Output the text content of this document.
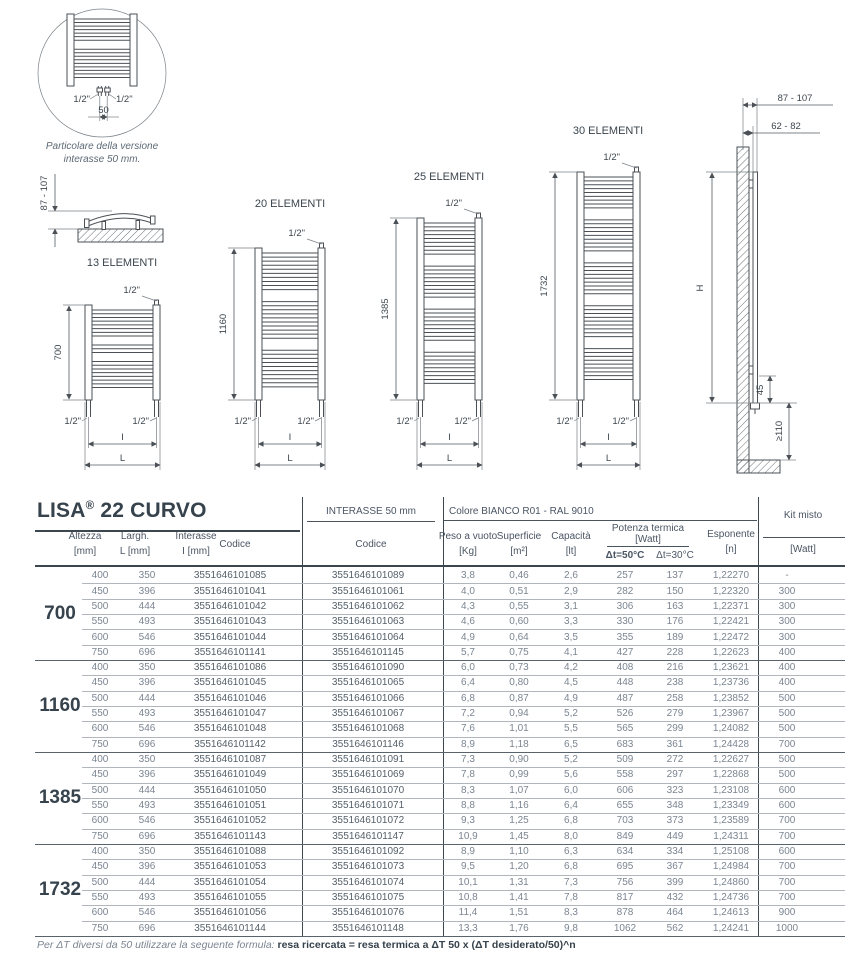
1/2"	1/2"
50
Particolare della versione
interasse 50 mm.
87 - 107
13 ELEMENTI
I
L
1/2"	1/2"
700
1/2"
20 ELEMENTI
I
L
1/2"	1/2"
1160
1/2"
25 ELEMENTI
I
L
1/2"	1/2"
1385
1/2"
30 ELEMENTI
I
L
1/2"	1/2"
1732
1/2"
87 - 107
62 - 82
H
45
≥110
LISA® 22 CURVO
Altezza
[mm]
Largh.
L [mm]
Interasse
I [mm]
Codice
INTERASSE 50 mm
Codice
Colore BIANCO R01 - RAL 9010
Peso a vuoto
[Kg]
Superficie
[m²]
Capacità
[lt]
Potenza termica
[Watt]
Δt=50°C Δt=30°C
Esponente
[n]
Kit misto
[Watt]
700
400	350	3551646101085	3551646101089	3,8	0,46	2,6	257	137	1,22270	-
450	396	3551646101041	3551646101061	4,0	0,51	2,9	282	150	1,22320	300
500	444	3551646101042	3551646101062	4,3	0,55	3,1	306	163	1,22371	300
550	493	3551646101043	3551646101063	4,6	0,60	3,3	330	176	1,22421	300
600	546	3551646101044	3551646101064	4,9	0,64	3,5	355	189	1,22472	300
750	696	3551646101141	3551646101145	5,7	0,75	4,1	427	228	1,22623	400
1160
400	350	3551646101086	3551646101090	6,0	0,73	4,2	408	216	1,23621	400
450	396	3551646101045	3551646101065	6,4	0,80	4,5	448	238	1,23736	400
500	444	3551646101046	3551646101066	6,8	0,87	4,9	487	258	1,23852	500
550	493	3551646101047	3551646101067	7,2	0,94	5,2	526	279	1,23967	500
600	546	3551646101048	3551646101068	7,6	1,01	5,5	565	299	1,24082	500
750	696	3551646101142	3551646101146	8,9	1,18	6,5	683	361	1,24428	700
1385
400	350	3551646101087	3551646101091	7,3	0,90	5,2	509	272	1,22627	500
450	396	3551646101049	3551646101069	7,8	0,99	5,6	558	297	1,22868	500
500	444	3551646101050	3551646101070	8,3	1,07	6,0	606	323	1,23108	600
550	493	3551646101051	3551646101071	8,8	1,16	6,4	655	348	1,23349	600
600	546	3551646101052	3551646101072	9,3	1,25	6,8	703	373	1,23589	700
750	696	3551646101143	3551646101147	10,9	1,45	8,0	849	449	1,24311	700
1732
400	350	3551646101088	3551646101092	8,9	1,10	6,3	634	334	1,25108	600
450	396	3551646101053	3551646101073	9,5	1,20	6,8	695	367	1,24984	700
500	444	3551646101054	3551646101074	10,1	1,31	7,3	756	399	1,24860	700
550	493	3551646101055	3551646101075	10,8	1,41	7,8	817	432	1,24736	700
600	546	3551646101056	3551646101076	11,4	1,51	8,3	878	464	1,24613	900
750	696	3551646101144	3551646101148	13,3	1,76	9,8	1062	562	1,24241	1000
Per ΔT diversi da 50 utilizzare la seguente formula: resa ricercata = resa termica a ΔT 50 x (ΔT desiderato/50)^n
